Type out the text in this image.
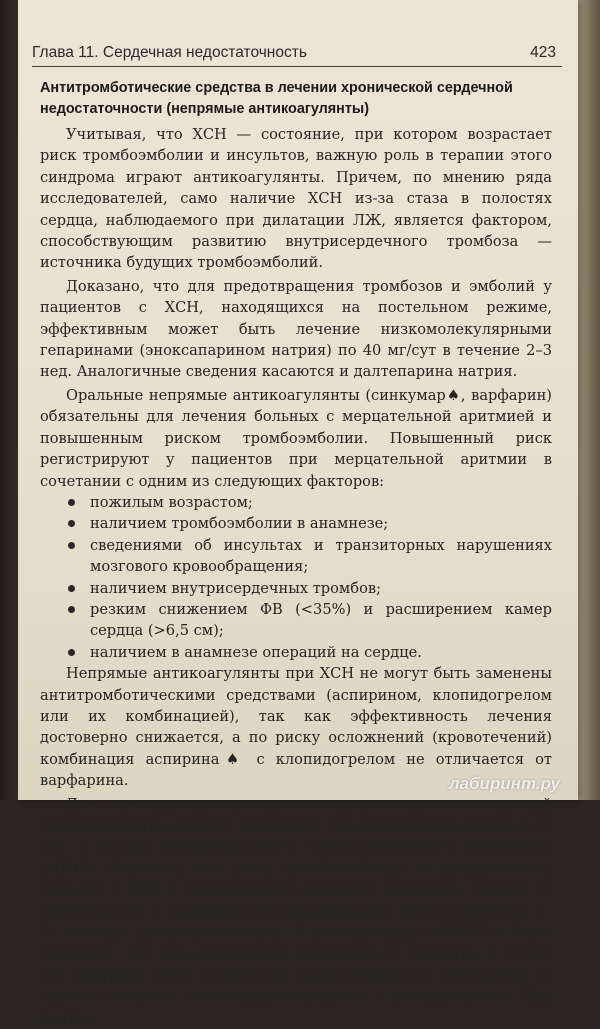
Глава 11. Сердечная недостаточность	423
Антитромботические средства в лечении хронической сердечной недостаточности (непрямые антикоагулянты)

Учитывая, что ХСН — состояние, при котором возрастает риск тромбоэмболии и инсультов, важную роль в терапии этого синдрома играют антикоагулянты. Причем, по мнению ряда исследователей, само наличие ХСН из-за стаза в полостях сердца, наблюдаемого при дилатации ЛЖ, является фактором, способствующим развитию внутрисердечного тромбоза — источника будущих тромбоэмболий.

Доказано, что для предотвращения тромбозов и эмболий у пациентов с ХСН, находящихся на постельном режиме, эффективным может быть лечение низкомолекулярными гепаринами (эноксапарином натрия) по 40 мг/сут в течение 2–3 нед. Аналогичные сведения касаются и далтепарина натрия.

Оральные непрямые антикоагулянты (синкумар♠, варфарин) обязательны для лечения больных с мерцательной аритмией и повышенным риском тромбоэмболии. Повышенный риск регистрируют у пациентов при мерцательной аритмии в сочетании с одним из следующих факторов:

пожилым возрастом;
наличием тромбоэмболии в анамнезе;
сведениями об инсультах и транзиторных нарушениях мозгового кровообращения;
наличием внутрисердечных тромбов;
резким снижением ФВ (<35%) и расширением камер сердца (>6,5 см);
наличием в анамнезе операций на сердце.

Непрямые антикоагулянты при ХСН не могут быть заменены антитромботическими средствами (аспирином, клопидогрелом или их комбинацией), так как эффективность лечения достоверно снижается, а по риску осложнений (кровотечений) комбинация аспирина♠ с клопидогрелом не отличается от варфарина.

Для уменьшения риска геморрагических осложнений антикоагулянты следует применять при тщательном контроле (1 раз в месяц) Международного нормализованного отношения (МНО). Известно, что риск тромбоэмболии и выживаемость больных с ХСН и мерцательной аритмией напрямую зависят от длительности и правильности (поддержания МНО в пределах 2–3) лечения антикоагулянтами. В исследовании ACTIVE-W было показано, что при назначении варфарина (1 таблетка в сутки) без контроля МНО количество кровотечений не отличается от такового на фоне комбинации аспирина♠ с клопидогрелом. При контро-

лабиринт.ру
